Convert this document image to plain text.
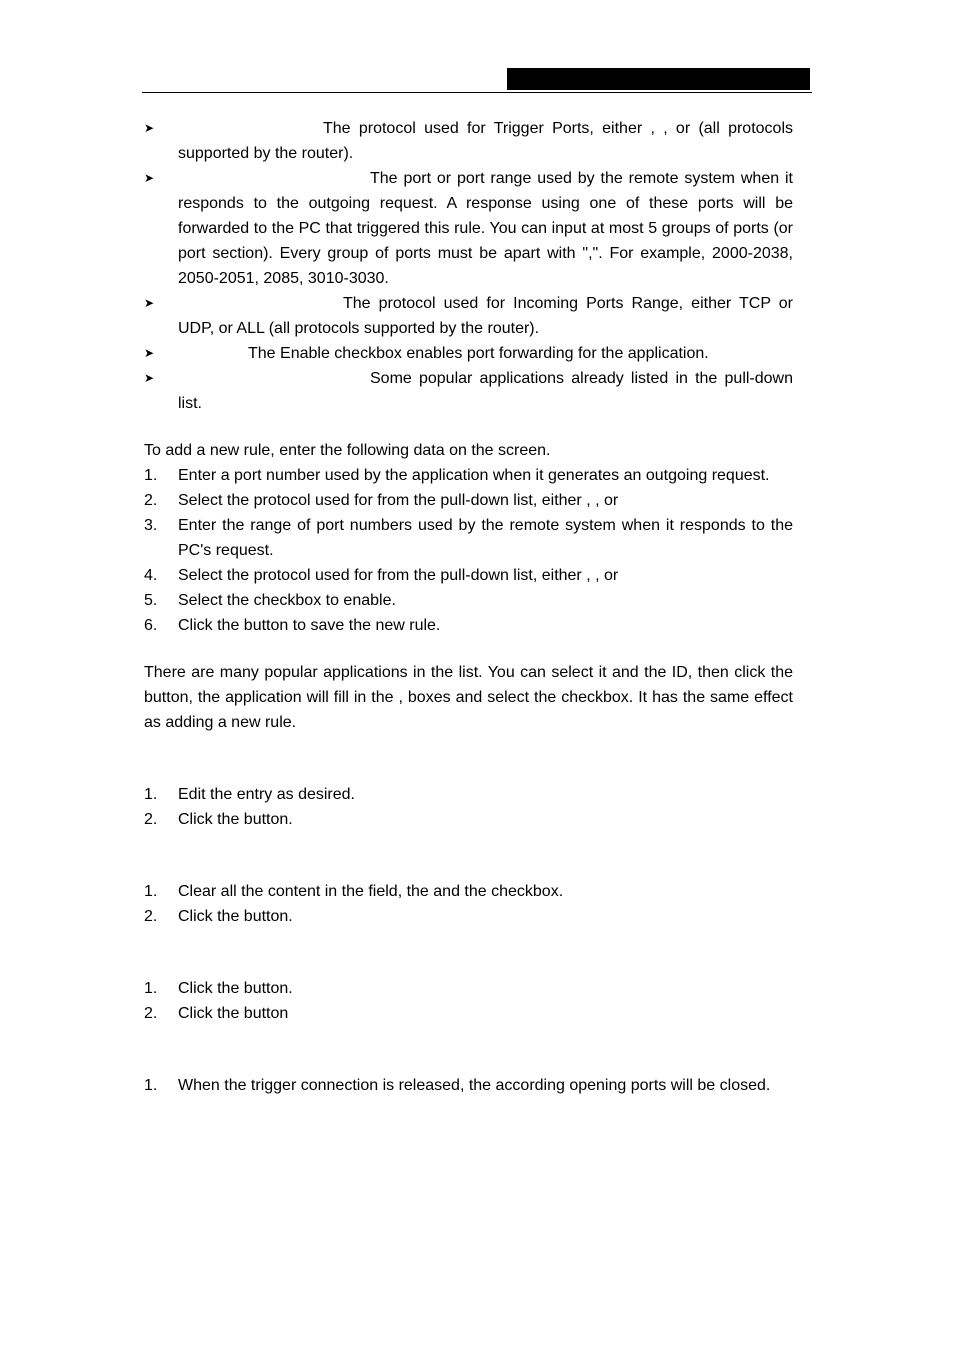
➤	The protocol used for Trigger Ports, either , , or (all protocols supported by the router).
➤	The port or port range used by the remote system when it responds to the outgoing request. A response using one of these ports will be forwarded to the PC that triggered this rule. You can input at most 5 groups of ports (or port section). Every group of ports must be apart with ",". For example, 2000-2038, 2050-2051, 2085, 3010-3030.
➤	The protocol used for Incoming Ports Range, either TCP or UDP, or ALL (all protocols supported by the router).
➤	The Enable checkbox enables port forwarding for the application.
➤	Some popular applications already listed in the pull-down list.

To add a new rule, enter the following data on the screen.

1. Enter a port number used by the application when it generates an outgoing request.
2. Select the protocol used for from the pull-down list, either , , or
3. Enter the range of port numbers used by the remote system when it responds to the PC's request.
4. Select the protocol used for from the pull-down list, either , , or
5. Select the checkbox to enable.
6. Click the button to save the new rule.

There are many popular applications in the list. You can select it and the ID, then click the button, the application will fill in the , boxes and select the checkbox. It has the same effect as adding a new rule.

1. Edit the entry as desired.
2. Click the button.
1. Clear all the content in the field, the and the checkbox.
2. Click the button.
1. Click the button.
2. Click the button
1. When the trigger connection is released, the according opening ports will be closed.
